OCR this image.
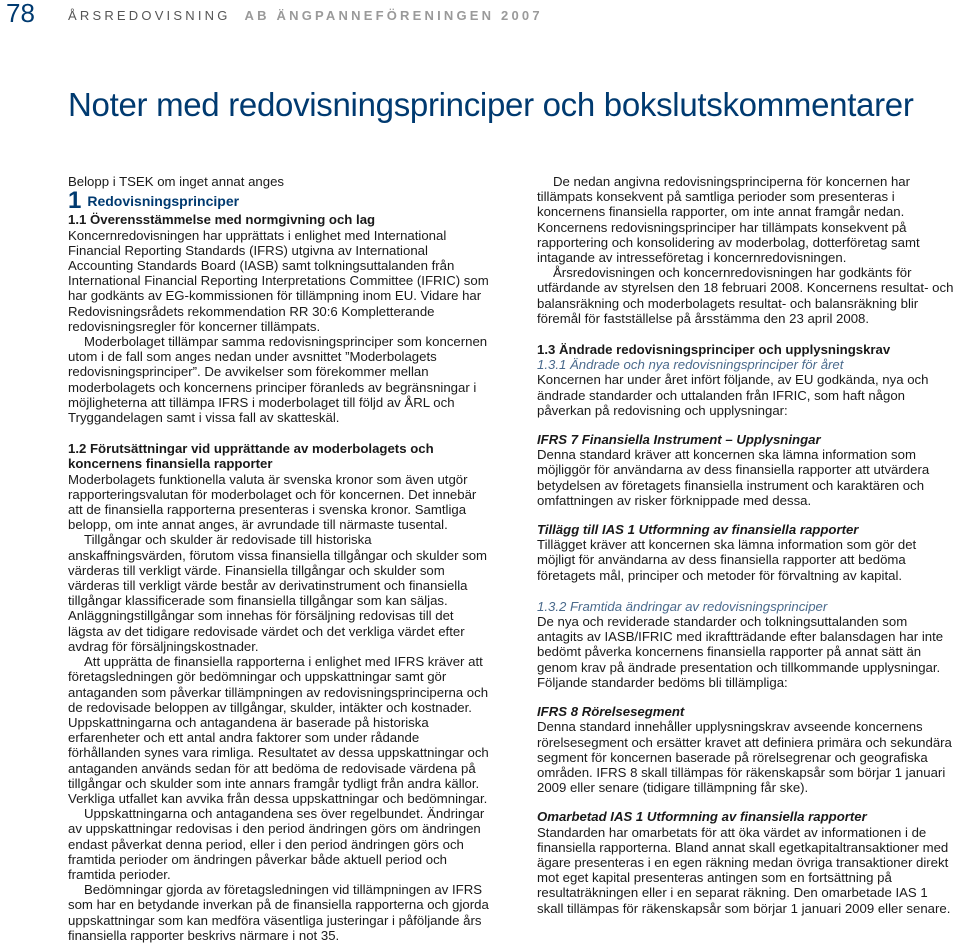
78	ÅRSREDOVISNING AB ÄNGPANNEFÖRENINGEN 2007
Noter med redovisningsprinciper och bokslutskommentarer

Belopp i TSEK om inget annat anges

1 Redovisningsprinciper

1.1 Överensstämmelse med normgivning och lag

Koncernredovisningen har upprättats i enlighet med International Financial Reporting Standards (IFRS) utgivna av International Accounting Standards Board (IASB) samt tolkningsuttalanden från International Financial Reporting Interpretations Committee (IFRIC) som har godkänts av EG-kommissionen för tillämpning inom EU. Vidare har Redovisningsrådets rekommendation RR 30:6 Kompletterande redovisningsregler för koncerner tillämpats.

Moderbolaget tillämpar samma redovisningsprinciper som koncernen utom i de fall som anges nedan under avsnittet ”Moderbolagets redovisningsprinciper”. De avvikelser som förekommer mellan moderbolagets och koncernens principer föranleds av begränsningar i möjligheterna att tillämpa IFRS i moderbolaget till följd av ÅRL och Tryggandelagen samt i vissa fall av skatteskäl.

1.2 Förutsättningar vid upprättande av moderbolagets och koncernens finansiella rapporter

Moderbolagets funktionella valuta är svenska kronor som även utgör rapporteringsvalutan för moderbolaget och för koncernen. Det innebär att de finansiella rapporterna presenteras i svenska kronor. Samtliga belopp, om inte annat anges, är avrundade till närmaste tusental.

Tillgångar och skulder är redovisade till historiska anskaffningsvärden, förutom vissa finansiella tillgångar och skulder som värderas till verkligt värde. Finansiella tillgångar och skulder som värderas till verkligt värde består av derivatinstrument och finansiella tillgångar klassificerade som finansiella tillgångar som kan säljas. Anläggningstillgångar som innehas för försäljning redovisas till det lägsta av det tidigare redovisade värdet och det verkliga värdet efter avdrag för försäljningskostnader.

Att upprätta de finansiella rapporterna i enlighet med IFRS kräver att företagsledningen gör bedömningar och uppskattningar samt gör antaganden som påverkar tillämpningen av redovisningsprinciperna och de redovisade beloppen av tillgångar, skulder, intäkter och kostnader. Uppskattningarna och antagandena är baserade på historiska erfarenheter och ett antal andra faktorer som under rådande förhållanden synes vara rimliga. Resultatet av dessa uppskattningar och antaganden används sedan för att bedöma de redovisade värdena på tillgångar och skulder som inte annars framgår tydligt från andra källor. Verkliga utfallet kan avvika från dessa uppskattningar och bedömningar.

Uppskattningarna och antagandena ses över regelbundet. Ändringar av uppskattningar redovisas i den period ändringen görs om ändringen endast påverkat denna period, eller i den period ändringen görs och framtida perioder om ändringen påverkar både aktuell period och framtida perioder.

Bedömningar gjorda av företagsledningen vid tillämpningen av IFRS som har en betydande inverkan på de finansiella rapporterna och gjorda uppskattningar som kan medföra väsentliga justeringar i påföljande års finansiella rapporter beskrivs närmare i not 35.

De nedan angivna redovisningsprinciperna för koncernen har tillämpats konsekvent på samtliga perioder som presenteras i koncernens finansiella rapporter, om inte annat framgår nedan. Koncernens redovisningsprinciper har tillämpats konsekvent på rapportering och konsolidering av moderbolag, dotterföretag samt intagande av intresseföretag i koncernredovisningen.

Årsredovisningen och koncernredovisningen har godkänts för utfärdande av styrelsen den 18 februari 2008. Koncernens resultat- och balansräkning och moderbolagets resultat- och balansräkning blir föremål för fastställelse på årsstämma den 23 april 2008.

1.3 Ändrade redovisningsprinciper och upplysningskrav

1.3.1 Ändrade och nya redovisningsprinciper för året

Koncernen har under året infört följande, av EU godkända, nya och ändrade standarder och uttalanden från IFRIC, som haft någon påverkan på redovisning och upplysningar:

IFRS 7 Finansiella Instrument – Upplysningar

Denna standard kräver att koncernen ska lämna information som möjliggör för användarna av dess finansiella rapporter att utvärdera betydelsen av företagets finansiella instrument och karaktären och omfattningen av risker förknippade med dessa.

Tillägg till IAS 1 Utformning av finansiella rapporter

Tillägget kräver att koncernen ska lämna information som gör det möjligt för användarna av dess finansiella rapporter att bedöma företagets mål, principer och metoder för förvaltning av kapital.

1.3.2 Framtida ändringar av redovisningsprinciper

De nya och reviderade standarder och tolkningsuttalanden som antagits av IASB/IFRIC med ikraftträdande efter balansdagen har inte bedömt påverka koncernens finansiella rapporter på annat sätt än genom krav på ändrade presentation och tillkommande upplysningar. Följande standarder bedöms bli tillämpliga:

IFRS 8 Rörelsesegment

Denna standard innehåller upplysningskrav avseende koncernens rörelsesegment och ersätter kravet att definiera primära och sekundära segment för koncernen baserade på rörelsegrenar och geografiska områden. IFRS 8 skall tillämpas för räkenskapsår som börjar 1 januari 2009 eller senare (tidigare tillämpning får ske).

Omarbetad IAS 1 Utformning av finansiella rapporter

Standarden har omarbetats för att öka värdet av informationen i de finansiella rapporterna. Bland annat skall egetkapitaltransaktioner med ägare presenteras i en egen räkning medan övriga transaktioner direkt mot eget kapital presenteras antingen som en fortsättning på resultaträkningen eller i en separat räkning. Den omarbetade IAS 1 skall tillämpas för räkenskapsår som börjar 1 januari 2009 eller senare.
